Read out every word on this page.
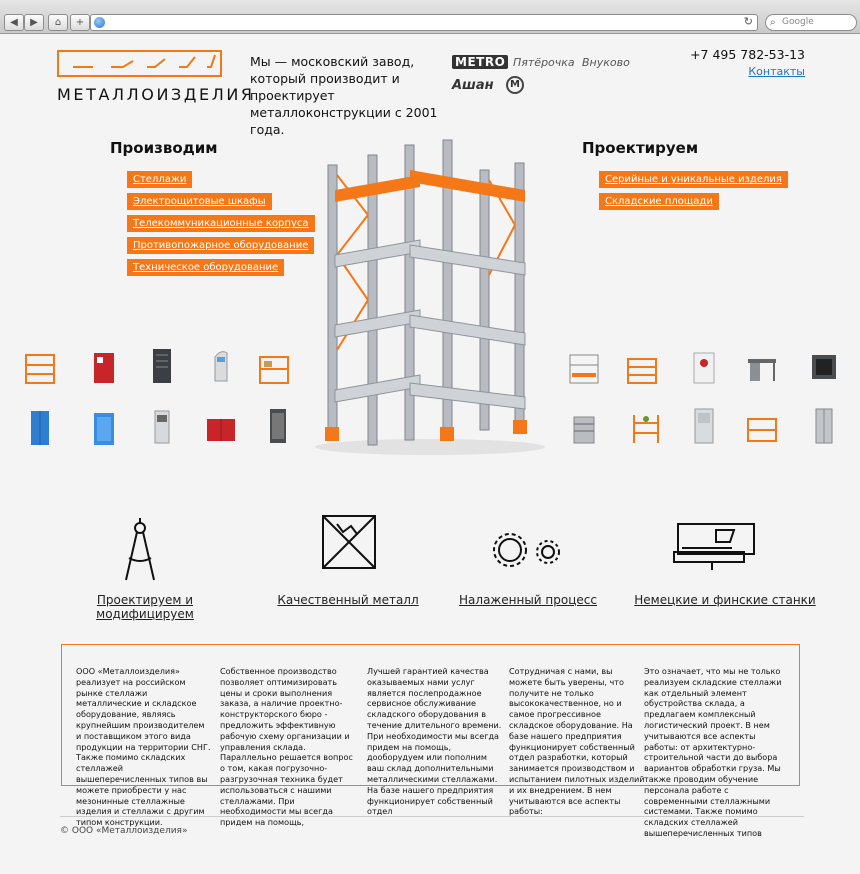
◀	▶	⌂	+	↻ ⌕ Google
МЕТАЛЛОИЗДЕЛИЯ
Мы — московский завод, который производит и проектирует металлоконструкции с 2001 года.
METRO Пятёрочка Внуково
Ашан	М
+7 495 782-53-13
Контакты
Производим
Стеллажи
Электрощитовые шкафы
Телекоммуникационные корпуса
Противопожарное оборудование
Техническое оборудование
Проектируем
Серийные и уникальные изделия
Складские площади
Проектируем и модифицируем
Качественный металл	Налаженный процесс	Немецкие и финские станки
ООО «Металлоизделия» реализует на российском рынке стеллажи металлические и складское оборудование, являясь крупнейшим производителем и поставщиком этого вида продукции на территории СНГ. Также помимо складских стеллажей вышеперечисленных типов вы можете приобрести у нас мезонинные стеллажные изделия и стеллажи с другим типом конструкции.
Собственное производство позволяет оптимизировать цены и сроки выполнения заказа, а наличие проектно-конструкторского бюро - предложить эффективную рабочую схему организации и управления склада. Параллельно решается вопрос о том, какая погрузочно-разгрузочная техника будет использоваться с нашими стеллажами. При необходимости мы всегда придем на помощь,
Лучшей гарантией качества оказываемых нами услуг является послепродажное сервисное обслуживание складского оборудования в течение длительного времени. При необходимости мы всегда придем на помощь, дооборудуем или пополним ваш склад дополнительными металлическими стеллажами. На базе нашего предприятия функционирует собственный отдел
Сотрудничая с нами, вы можете быть уверены, что получите не только высококачественное, но и самое прогрессивное складское оборудование. На базе нашего предприятия функционирует собственный отдел разработки, который занимается производством и испытанием пилотных изделий и их внедрением. В нем учитываются все аспекты работы:
Это означает, что мы не только реализуем складские стеллажи как отдельный элемент обустройства склада, а предлагаем комплексный логистический проект. В нем учитываются все аспекты работы: от архитектурно-строительной части до выбора вариантов обработки груза. Мы также проводим обучение персонала работе с современными стеллажными системами. Также помимо складских стеллажей вышеперечисленных типов
© ООО «Металлоизделия»
